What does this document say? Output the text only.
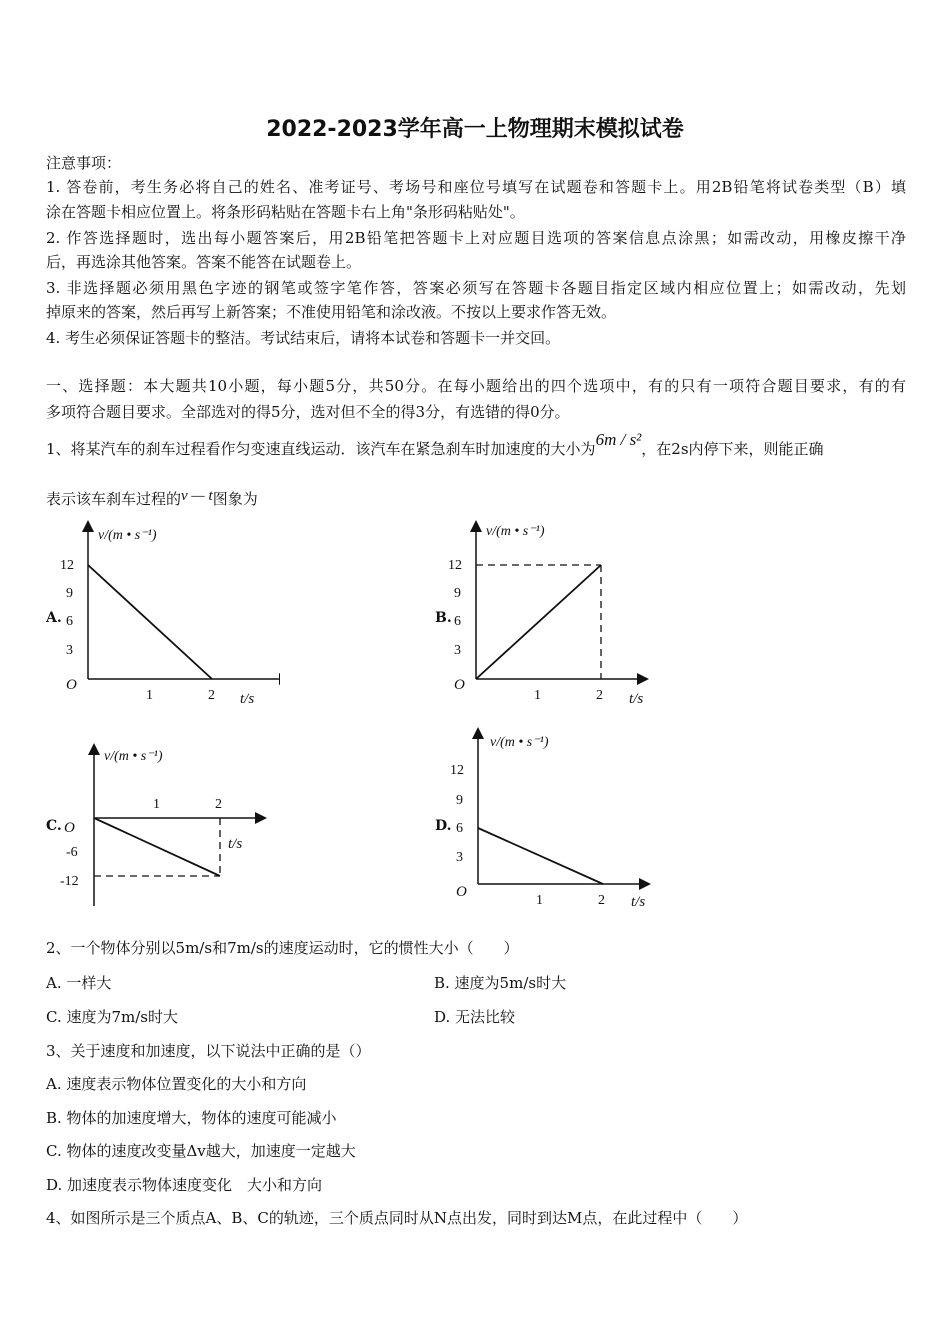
2022-2023学年高一上物理期末模拟试卷
注意事项：
1. 答卷前，考生务必将自己的姓名、准考证号、考场号和座位号填写在试题卷和答题卡上。用2B铅笔将试卷类型（B）填
涂在答题卡相应位置上。将条形码粘贴在答题卡右上角"条形码粘贴处"。
2. 作答选择题时，选出每小题答案后，用2B铅笔把答题卡上对应题目选项的答案信息点涂黑；如需改动，用橡皮擦干净
后，再选涂其他答案。答案不能答在试题卷上。
3. 非选择题必须用黑色字迹的钢笔或签字笔作答，答案必须写在答题卡各题目指定区域内相应位置上；如需改动，先划
掉原来的答案，然后再写上新答案；不准使用铅笔和涂改液。不按以上要求作答无效。
4. 考生必须保证答题卡的整洁。考试结束后，请将本试卷和答题卡一并交回。
一、选择题：本大题共10小题，每小题5分，共50分。在每小题给出的四个选项中，有的只有一项符合题目要求，有的有
多项符合题目要求。全部选对的得5分，选对但不全的得3分，有选错的得0分。
1、将某汽车的刹车过程看作匀变速直线运动．该汽车在紧急刹车时加速度的大小为6m / s²，在2s内停下来，则能正确
表示该车刹车过程的v — t图象为
A.
v/(m • s⁻¹)
12
9
6
3
O
1	2 t/s
B.
v/(m • s⁻¹)
12
9
6
3
O
1	2 t/s
C.
v/(m • s⁻¹)
O
-6
-12
1	2
t/s
D.
v/(m • s⁻¹)
12
9
6
3
O
1	2 t/s
2、一个物体分别以5m/s和7m/s的速度运动时，它的惯性大小（　　）
A. 一样大	B. 速度为5m/s时大
C. 速度为7m/s时大	D. 无法比较
3、关于速度和加速度，以下说法中正确的是（）
A. 速度表示物体位置变化的大小和方向
B. 物体的加速度增大，物体的速度可能减小
C. 物体的速度改变量Δv越大，加速度一定越大
D. 加速度表示物体速度变化　大小和方向
4、如图所示是三个质点A、B、C的轨迹，三个质点同时从N点出发，同时到达M点，在此过程中（　　）
